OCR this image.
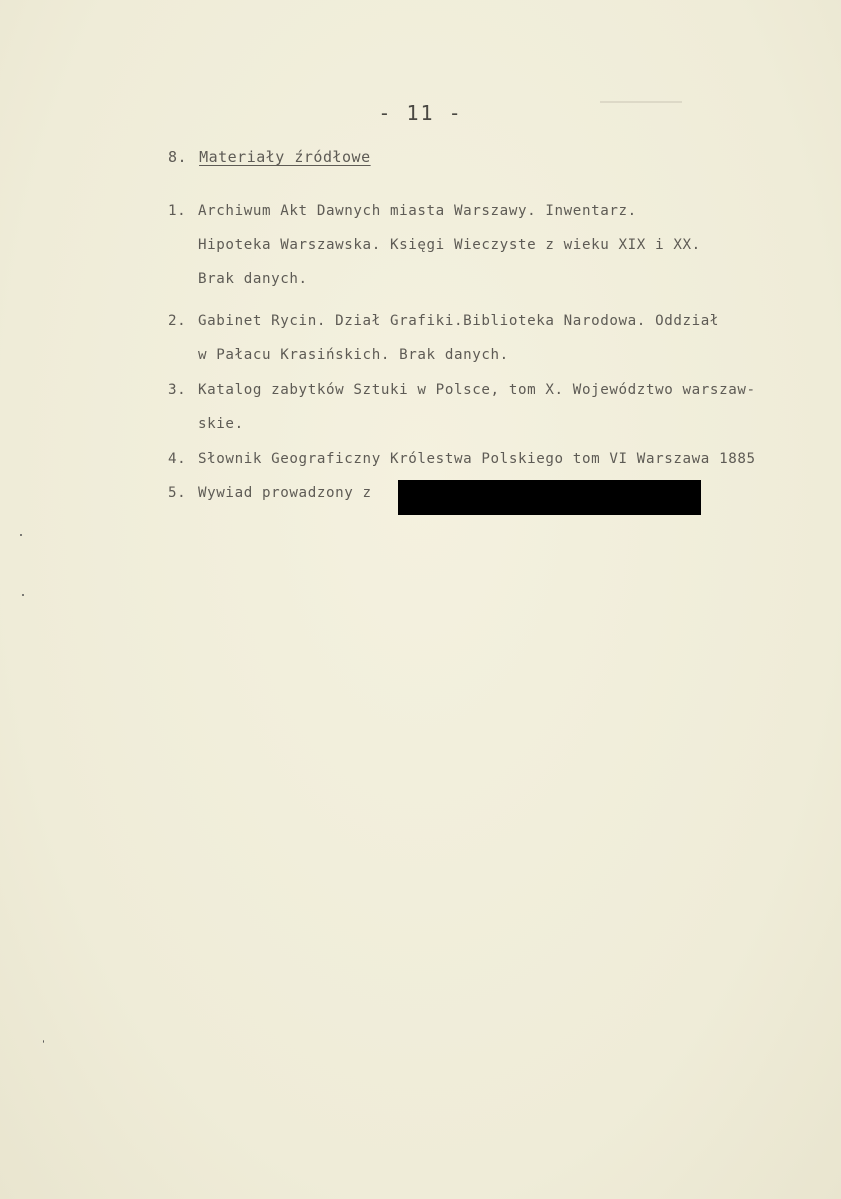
- 11 -
8. Materiały źródłowe
1. Archiwum Akt Dawnych miasta Warszawy. Inwentarz.
Hipoteka Warszawska. Księgi Wieczyste z wieku XIX i XX.
Brak danych.
2. Gabinet Rycin. Dział Grafiki.Biblioteka Narodowa. Oddział
w Pałacu Krasińskich. Brak danych.
3. Katalog zabytków Sztuki w Polsce, tom X. Województwo warszaw-
skie.
4. Słownik Geograficzny Królestwa Polskiego tom VI Warszawa 1885
5. Wywiad prowadzony z
